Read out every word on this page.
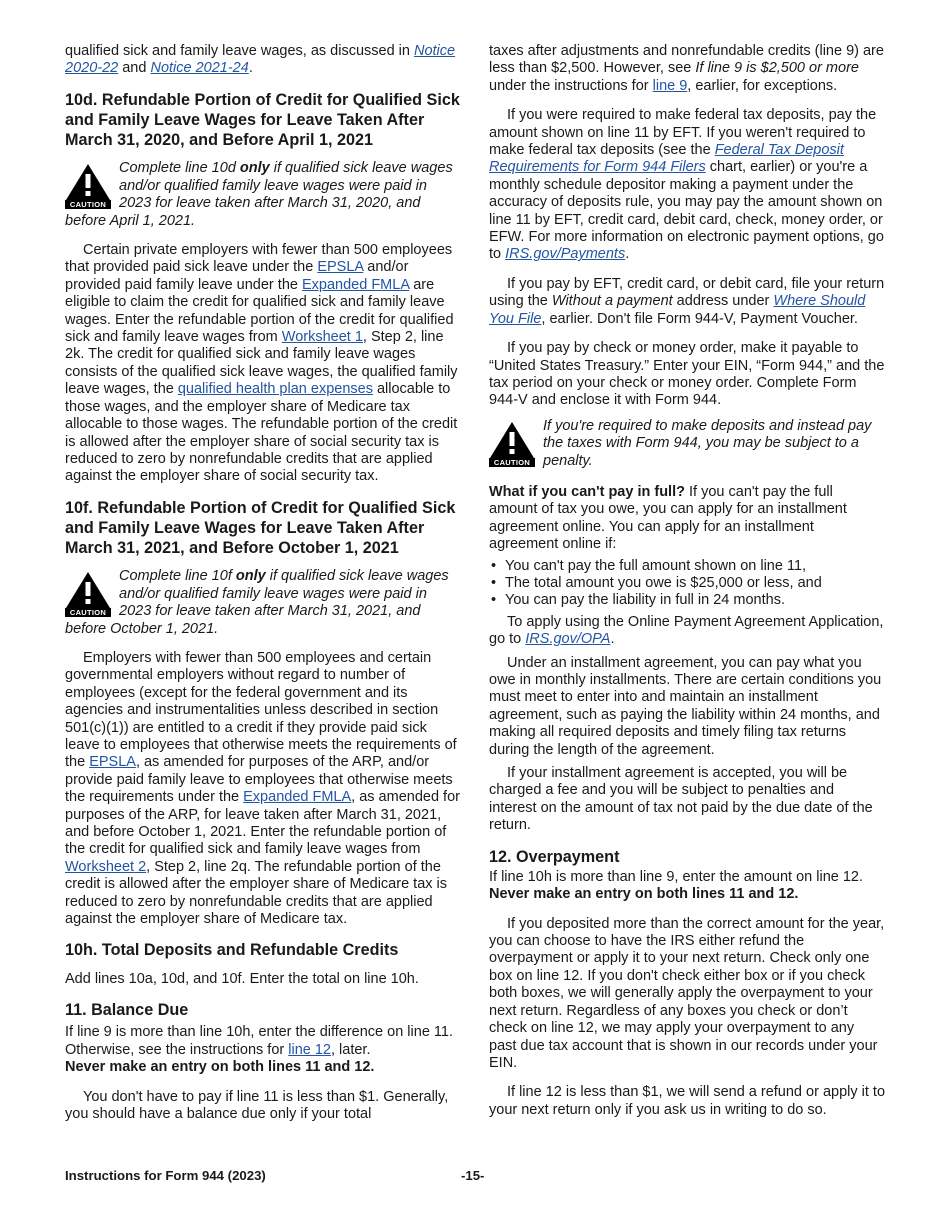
qualified sick and family leave wages, as discussed in Notice 2020-22 and Notice 2021-24.

10d. Refundable Portion of Credit for Qualified Sick and Family Leave Wages for Leave Taken After March 31, 2020, and Before April 1, 2021
CAUTION
Complete line 10d only if qualified sick leave wages and/or qualified family leave wages were paid in 2023 for leave taken after March 31, 2020, and before April 1, 2021.

Certain private employers with fewer than 500 employees that provided paid sick leave under the EPSLA and/or provided paid family leave under the Expanded FMLA are eligible to claim the credit for qualified sick and family leave wages. Enter the refundable portion of the credit for qualified sick and family leave wages from Worksheet 1, Step 2, line 2k. The credit for qualified sick and family leave wages consists of the qualified sick leave wages, the qualified family leave wages, the qualified health plan expenses allocable to those wages, and the employer share of Medicare tax allocable to those wages. The refundable portion of the credit is allowed after the employer share of social security tax is reduced to zero by nonrefundable credits that are applied against the employer share of social security tax.

10f. Refundable Portion of Credit for Qualified Sick and Family Leave Wages for Leave Taken After March 31, 2021, and Before October 1, 2021
CAUTION
Complete line 10f only if qualified sick leave wages and/or qualified family leave wages were paid in 2023 for leave taken after March 31, 2021, and before October 1, 2021.

Employers with fewer than 500 employees and certain governmental employers without regard to number of employees (except for the federal government and its agencies and instrumentalities unless described in section 501(c)(1)) are entitled to a credit if they provide paid sick leave to employees that otherwise meets the requirements of the EPSLA, as amended for purposes of the ARP, and/or provide paid family leave to employees that otherwise meets the requirements under the Expanded FMLA, as amended for purposes of the ARP, for leave taken after March 31, 2021, and before October 1, 2021. Enter the refundable portion of the credit for qualified sick and family leave wages from Worksheet 2, Step 2, line 2q. The refundable portion of the credit is allowed after the employer share of Medicare tax is reduced to zero by nonrefundable credits that are applied against the employer share of Medicare tax.

10h. Total Deposits and Refundable Credits

Add lines 10a, 10d, and 10f. Enter the total on line 10h.

11. Balance Due

If line 9 is more than line 10h, enter the difference on line 11. Otherwise, see the instructions for line 12, later.
Never make an entry on both lines 11 and 12.

You don't have to pay if line 11 is less than $1. Generally, you should have a balance due only if your total

taxes after adjustments and nonrefundable credits (line 9) are less than $2,500. However, see If line 9 is $2,500 or more under the instructions for line 9, earlier, for exceptions.

If you were required to make federal tax deposits, pay the amount shown on line 11 by EFT. If you weren't required to make federal tax deposits (see the Federal Tax Deposit Requirements for Form 944 Filers chart, earlier) or you're a monthly schedule depositor making a payment under the accuracy of deposits rule, you may pay the amount shown on line 11 by EFT, credit card, debit card, check, money order, or EFW. For more information on electronic payment options, go to IRS.gov/Payments.

If you pay by EFT, credit card, or debit card, file your return using the Without a payment address under Where Should You File, earlier. Don't file Form 944-V, Payment Voucher.

If you pay by check or money order, make it payable to “United States Treasury.” Enter your EIN, “Form 944,” and the tax period on your check or money order. Complete Form 944-V and enclose it with Form 944.

CAUTION
If you're required to make deposits and instead pay the taxes with Form 944, you may be subject to a penalty.

What if you can't pay in full? If you can't pay the full amount of tax you owe, you can apply for an installment agreement online. You can apply for an installment agreement online if:

• You can't pay the full amount shown on line 11,
• The total amount you owe is $25,000 or less, and
• You can pay the liability in full in 24 months.

To apply using the Online Payment Agreement Application, go to IRS.gov/OPA.

Under an installment agreement, you can pay what you owe in monthly installments. There are certain conditions you must meet to enter into and maintain an installment agreement, such as paying the liability within 24 months, and making all required deposits and timely filing tax returns during the length of the agreement.

If your installment agreement is accepted, you will be charged a fee and you will be subject to penalties and interest on the amount of tax not paid by the due date of the return.

12. Overpayment

If line 10h is more than line 9, enter the amount on line 12.
Never make an entry on both lines 11 and 12.

If you deposited more than the correct amount for the year, you can choose to have the IRS either refund the overpayment or apply it to your next return. Check only one box on line 12. If you don't check either box or if you check both boxes, we will generally apply the overpayment to your next return. Regardless of any boxes you check or don’t check on line 12, we may apply your overpayment to any past due tax account that is shown in our records under your EIN.

If line 12 is less than $1, we will send a refund or apply it to your next return only if you ask us in writing to do so.

Instructions for Form 944 (2023)	-15-
